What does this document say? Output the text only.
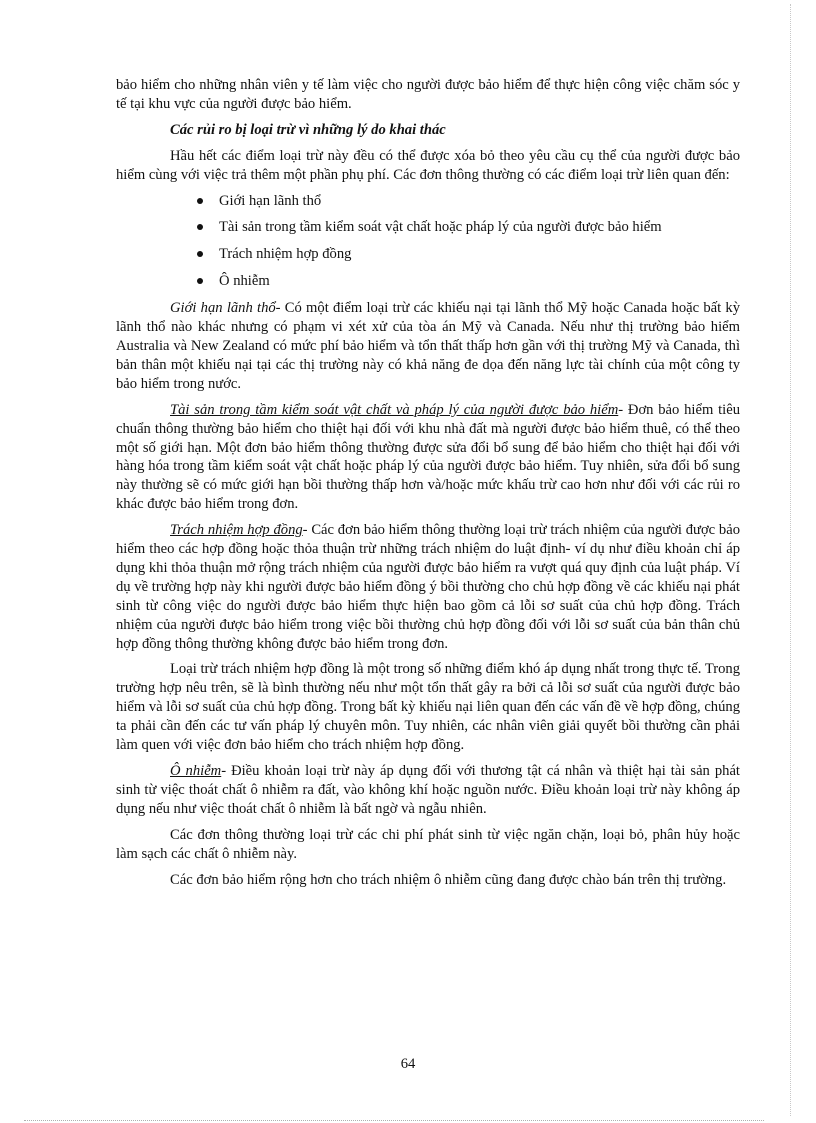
bảo hiểm cho những nhân viên y tế làm việc cho người được bảo hiểm để thực hiện công việc chăm sóc y tế tại khu vực của người được bảo hiểm.

Các rủi ro bị loại trừ vì những lý do khai thác

Hầu hết các điểm loại trừ này đều có thể được xóa bỏ theo yêu cầu cụ thể của người được bảo hiểm cùng với việc trả thêm một phần phụ phí. Các đơn thông thường có các điểm loại trừ liên quan đến:

Giới hạn lãnh thổ
Tài sản trong tầm kiểm soát vật chất hoặc pháp lý của người được bảo hiểm
Trách nhiệm hợp đồng
Ô nhiễm

Giới hạn lãnh thổ- Có một điểm loại trừ các khiếu nại tại lãnh thổ Mỹ hoặc Canada hoặc bất kỳ lãnh thổ nào khác nhưng có phạm vi xét xử của tòa án Mỹ và Canada. Nếu như thị trường bảo hiểm Australia và New Zealand có mức phí bảo hiểm và tổn thất thấp hơn gần với thị trường Mỹ và Canada, thì bản thân một khiếu nại tại các thị trường này có khả năng đe dọa đến năng lực tài chính của một công ty bảo hiểm trong nước.

Tài sản trong tầm kiểm soát vật chất và pháp lý của người được bảo hiểm- Đơn bảo hiểm tiêu chuẩn thông thường bảo hiểm cho thiệt hại đối với khu nhà đất mà người được bảo hiểm thuê, có thể theo một số giới hạn. Một đơn bảo hiểm thông thường được sửa đổi bổ sung để bảo hiểm cho thiệt hại đối với hàng hóa trong tầm kiểm soát vật chất hoặc pháp lý của người được bảo hiểm. Tuy nhiên, sửa đổi bổ sung này thường sẽ có mức giới hạn bồi thường thấp hơn và/hoặc mức khấu trừ cao hơn như đối với các rủi ro khác được bảo hiểm trong đơn.

Trách nhiệm hợp đồng- Các đơn bảo hiểm thông thường loại trừ trách nhiệm của người được bảo hiểm theo các hợp đồng hoặc thỏa thuận trừ những trách nhiệm do luật định- ví dụ như điều khoản chỉ áp dụng khi thỏa thuận mở rộng trách nhiệm của người được bảo hiểm ra vượt quá quy định của luật pháp. Ví dụ về trường hợp này khi người được bảo hiểm đồng ý bồi thường cho chủ hợp đồng về các khiếu nại phát sinh từ công việc do người được bảo hiểm thực hiện bao gồm cả lỗi sơ suất của chủ hợp đồng. Trách nhiệm của người được bảo hiểm trong việc bồi thường chủ hợp đồng đối với lỗi sơ suất của bản thân chủ hợp đồng thông thường không được bảo hiểm trong đơn.

Loại trừ trách nhiệm hợp đồng là một trong số những điểm khó áp dụng nhất trong thực tế. Trong trường hợp nêu trên, sẽ là bình thường nếu như một tổn thất gây ra bởi cả lỗi sơ suất của người được bảo hiểm và lỗi sơ suất của chủ hợp đồng. Trong bất kỳ khiếu nại liên quan đến các vấn đề về hợp đồng, chúng ta phải cần đến các tư vấn pháp lý chuyên môn. Tuy nhiên, các nhân viên giải quyết bồi thường cần phải làm quen với việc đơn bảo hiểm cho trách nhiệm hợp đồng.

Ô nhiễm- Điều khoản loại trừ này áp dụng đối với thương tật cá nhân và thiệt hại tài sản phát sinh từ việc thoát chất ô nhiễm ra đất, vào không khí hoặc nguồn nước. Điều khoản loại trừ này không áp dụng nếu như việc thoát chất ô nhiễm là bất ngờ và ngẫu nhiên.

Các đơn thông thường loại trừ các chi phí phát sinh từ việc ngăn chặn, loại bỏ, phân hủy hoặc làm sạch các chất ô nhiễm này.

Các đơn bảo hiểm rộng hơn cho trách nhiệm ô nhiễm cũng đang được chào bán trên thị trường.

64
